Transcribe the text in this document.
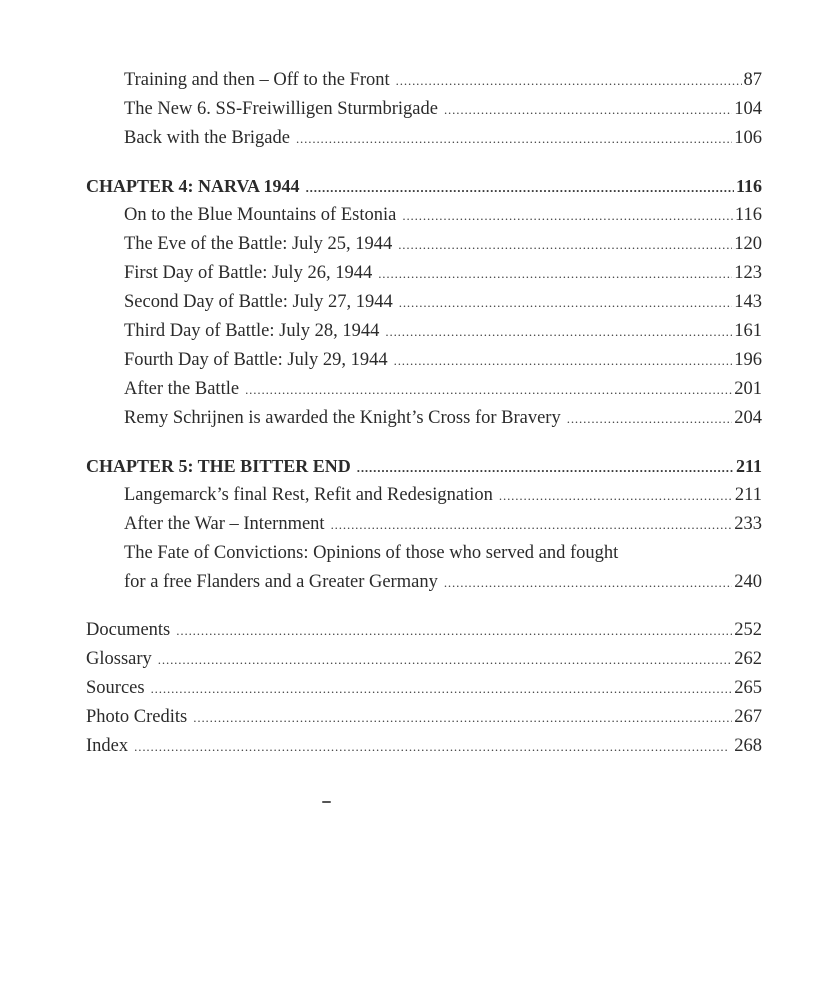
Training and then – Off to the Front . . .	87
The New 6. SS-Freiwilligen Sturmbrigade . . .	104
Back with the Brigade . . .	106
CHAPTER 4: NARVA 1944 . . .	116
On to the Blue Mountains of Estonia . . .	116
The Eve of the Battle: July 25, 1944 . . .	120
First Day of Battle: July 26, 1944 . . .	123
Second Day of Battle: July 27, 1944 . . .	143
Third Day of Battle: July 28, 1944 . . .	161
Fourth Day of Battle: July 29, 1944 . . .	196
After the Battle . . .	201
Remy Schrijnen is awarded the Knight’s Cross for Bravery . . .	204
CHAPTER 5: THE BITTER END . . .	211
Langemarck’s final Rest, Refit and Redesignation . . .	211
After the War – Internment . . .	233
The Fate of Convictions: Opinions of those who served and fought
for a free Flanders and a Greater Germany . . .	240
Documents . . .	252
Glossary . . .	262
Sources . . .	265
Photo Credits . . .	267
Index . . .	268
